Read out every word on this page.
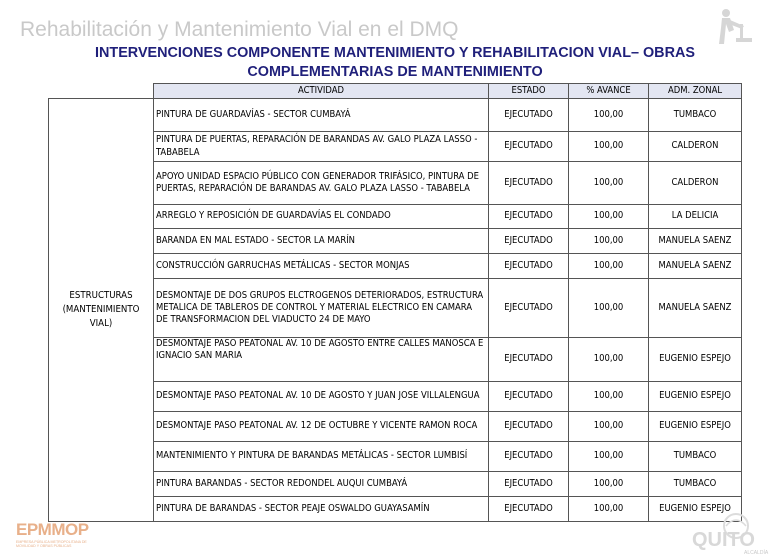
Rehabilitación y Mantenimiento Vial en el DMQ
INTERVENCIONES COMPONENTE MANTENIMIENTO Y REHABILITACION VIAL– OBRAS
COMPLEMENTARIAS DE MANTENIMIENTO
	ACTIVIDAD	ESTADO	% AVANCE	ADM. ZONAL
ESTRUCTURAS (MANTENIMIENTO VIAL)	PINTURA DE GUARDAVÍAS - SECTOR CUMBAYÁ	EJECUTADO	100,00	TUMBACO
	PINTURA DE PUERTAS, REPARACIÓN DE BARANDAS AV. GALO PLAZA LASSO - TABABELA	EJECUTADO	100,00	CALDERON
	APOYO UNIDAD ESPACIO PÚBLICO CON GENERADOR TRIFÁSICO, PINTURA DE PUERTAS, REPARACIÓN DE BARANDAS AV. GALO PLAZA LASSO - TABABELA	EJECUTADO	100,00	CALDERON
	ARREGLO Y REPOSICIÓN DE GUARDAVÍAS EL CONDADO	EJECUTADO	100,00	LA DELICIA
	BARANDA EN MAL ESTADO - SECTOR LA MARÍN	EJECUTADO	100,00	MANUELA SAENZ
	CONSTRUCCIÓN GARRUCHAS METÁLICAS - SECTOR MONJAS	EJECUTADO	100,00	MANUELA SAENZ
	DESMONTAJE DE DOS GRUPOS ELCTROGENOS DETERIORADOS, ESTRUCTURA METALICA DE TABLEROS DE CONTROL Y MATERIAL ELECTRICO EN CAMARA DE TRANSFORMACION DEL VIADUCTO 24 DE MAYO	EJECUTADO	100,00	MANUELA SAENZ
	DESMONTAJE PASO PEATONAL AV. 10 DE AGOSTO ENTRE CALLES MAÑOSCA E IGNACIO SAN MARIA	EJECUTADO	100,00	EUGENIO ESPEJO
	DESMONTAJE PASO PEATONAL AV. 10 DE AGOSTO Y JUAN JOSE VILLALENGUA	EJECUTADO	100,00	EUGENIO ESPEJO
	DESMONTAJE PASO PEATONAL AV. 12 DE OCTUBRE Y VICENTE RAMON ROCA	EJECUTADO	100,00	EUGENIO ESPEJO
	MANTENIMIENTO Y PINTURA DE BARANDAS METÁLICAS - SECTOR LUMBISÍ	EJECUTADO	100,00	TUMBACO
	PINTURA BARANDAS - SECTOR REDONDEL AUQUI CUMBAYÁ	EJECUTADO	100,00	TUMBACO
	PINTURA DE BARANDAS - SECTOR PEAJE OSWALDO GUAYASAMÍN	EJECUTADO	100,00	EUGENIO ESPEJO
EPMMOP
EMPRESA PÚBLICA METROPOLITANA DE MOVILIDAD Y OBRAS PÚBLICAS	QUITO
ALCALDÍA
